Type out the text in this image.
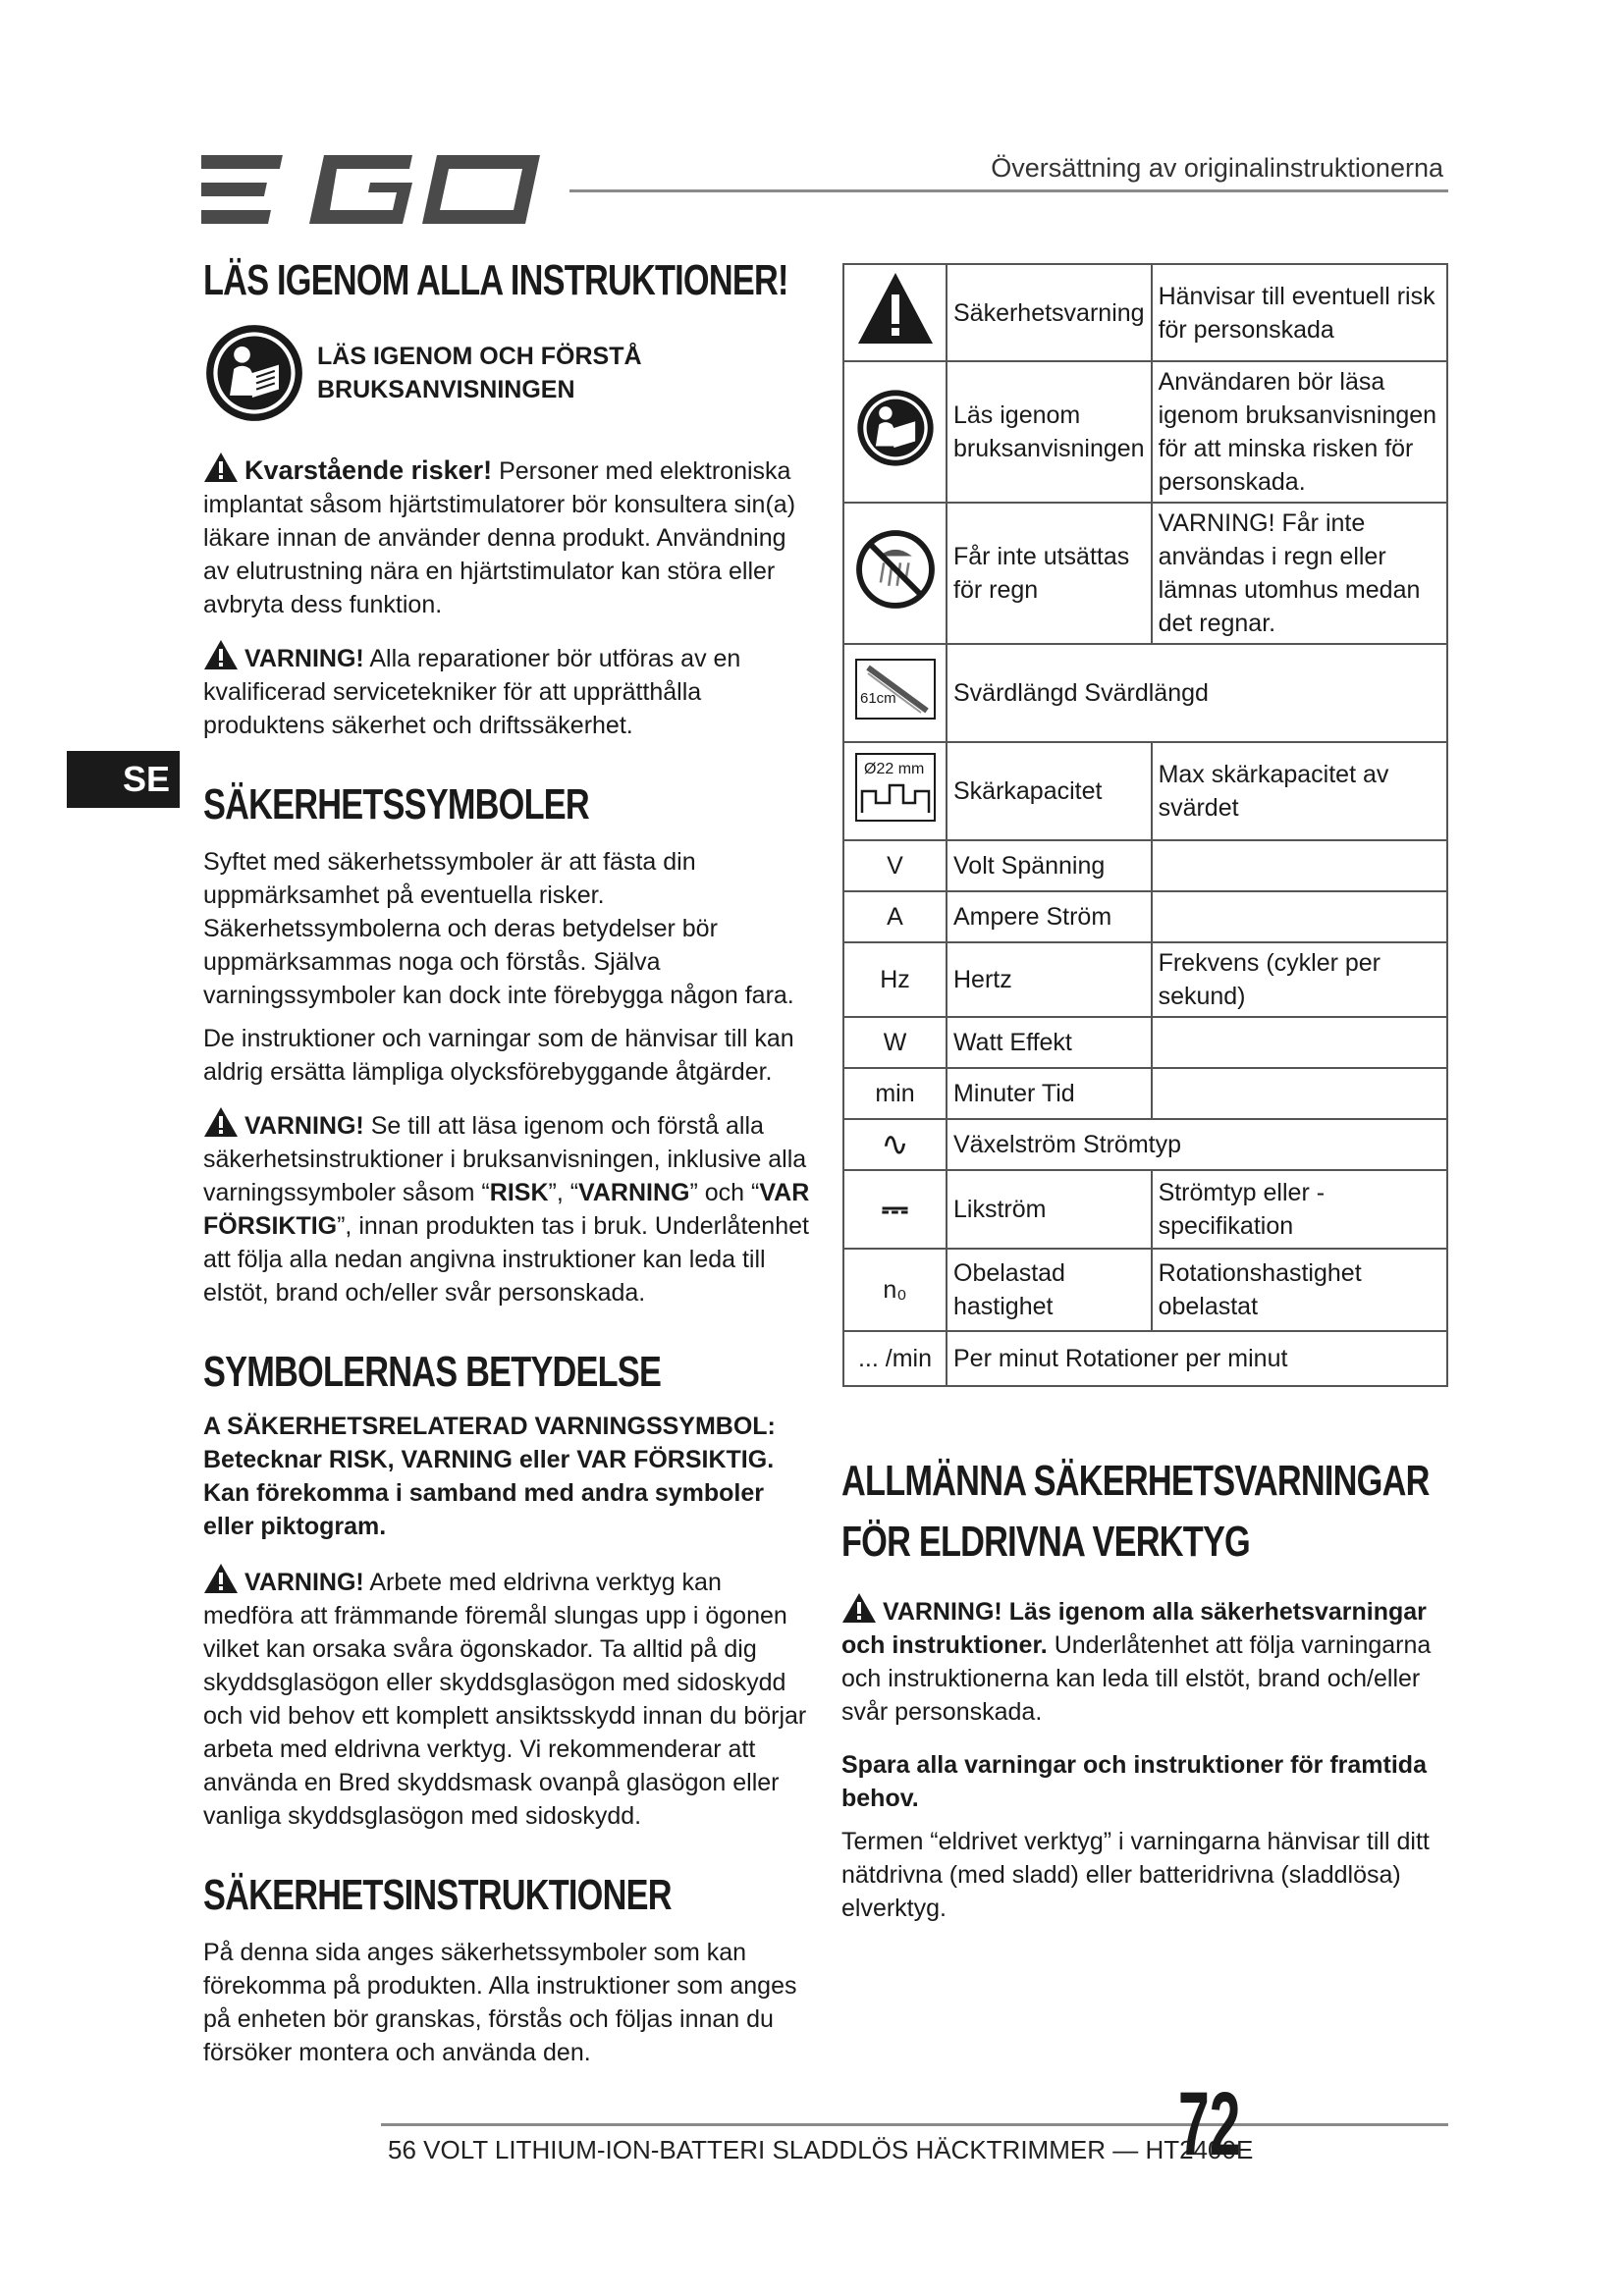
Översättning av originalinstruktionerna
SE
LÄS IGENOM ALLA INSTRUKTIONER!
LÄS IGENOM OCH FÖRSTÅ
BRUKSANVISNINGEN

Kvarstående risker! Personer med elektroniska implantat såsom hjärtstimulatorer bör konsultera sin(a) läkare innan de använder denna produkt. Användning av elutrustning nära en hjärtstimulator kan störa eller avbryta dess funktion.

VARNING! Alla reparationer bör utföras av en kvalificerad servicetekniker för att upprätthålla produktens säkerhet och driftssäkerhet.

SÄKERHETSSYMBOLER

Syftet med säkerhetssymboler är att fästa din uppmärksamhet på eventuella risker. Säkerhetssymbolerna och deras betydelser bör uppmärksammas noga och förstås. Själva varningssymboler kan dock inte förebygga någon fara.

De instruktioner och varningar som de hänvisar till kan aldrig ersätta lämpliga olycksförebyggande åtgärder.

VARNING! Se till att läsa igenom och förstå alla säkerhetsinstruktioner i bruksanvisningen, inklusive alla varningssymboler såsom “RISK”, “VARNING” och “VAR FÖRSIKTIG”, innan produkten tas i bruk. Underlåtenhet att följa alla nedan angivna instruktioner kan leda till elstöt, brand och/eller svår personskada.

SYMBOLERNAS BETYDELSE

A SÄKERHETSRELATERAD VARNINGSSYMBOL:

Betecknar RISK, VARNING eller VAR FÖRSIKTIG. Kan förekomma i samband med andra symboler eller piktogram.

VARNING! Arbete med eldrivna verktyg kan medföra att främmande föremål slungas upp i ögonen vilket kan orsaka svåra ögonskador. Ta alltid på dig skyddsglasögon eller skyddsglasögon med sidoskydd och vid behov ett komplett ansiktsskydd innan du börjar arbeta med eldrivna verktyg. Vi rekommenderar att använda en Bred skyddsmask ovanpå glasögon eller vanliga skyddsglasögon med sidoskydd.

SÄKERHETSINSTRUKTIONER

På denna sida anges säkerhetssymboler som kan förekomma på produkten. Alla instruktioner som anges på enheten bör granskas, förstås och följas innan du försöker montera och använda den.

	Säkerhetsvarning	Hänvisar till eventuell risk för personskada
	Läs igenom bruksanvisningen	Användaren bör läsa igenom bruksanvisningen för att minska risken för personskada.
	Får inte utsättas för regn	VARNING! Får inte användas i regn eller lämnas utomhus medan det regnar.

61cm	Svärdlängd Svärdlängd	

Ø22 mm	Skärkapacitet	Max skärkapacitet av svärdet
V	Volt Spänning	
A	Ampere Ström	
Hz	Hertz	Frekvens (cykler per sekund)
W	Watt Effekt	
min	Minuter Tid	
∿	Växelström Strömtyp	
⎓	Likström	Strömtyp eller -specifikation
n₀	Obelastad hastighet	Rotationshastighet obelastat
... /min	Per minut Rotationer per minut	
ALLMÄNNA SÄKERHETSVARNINGAR FÖR ELDRIVNA VERKTYG

VARNING! Läs igenom alla säkerhetsvarningar och instruktioner. Underlåtenhet att följa varningarna och instruktionerna kan leda till elstöt, brand och/eller svår personskada.

Spara alla varningar och instruktioner för framtida behov.

Termen “eldrivet verktyg” i varningarna hänvisar till ditt nätdrivna (med sladd) eller batteridrivna (sladdlösa) elverktyg.

56 VOLT LITHIUM-ION-BATTERI SLADDLÖS HÄCKTRIMMER — HT2400E
72
